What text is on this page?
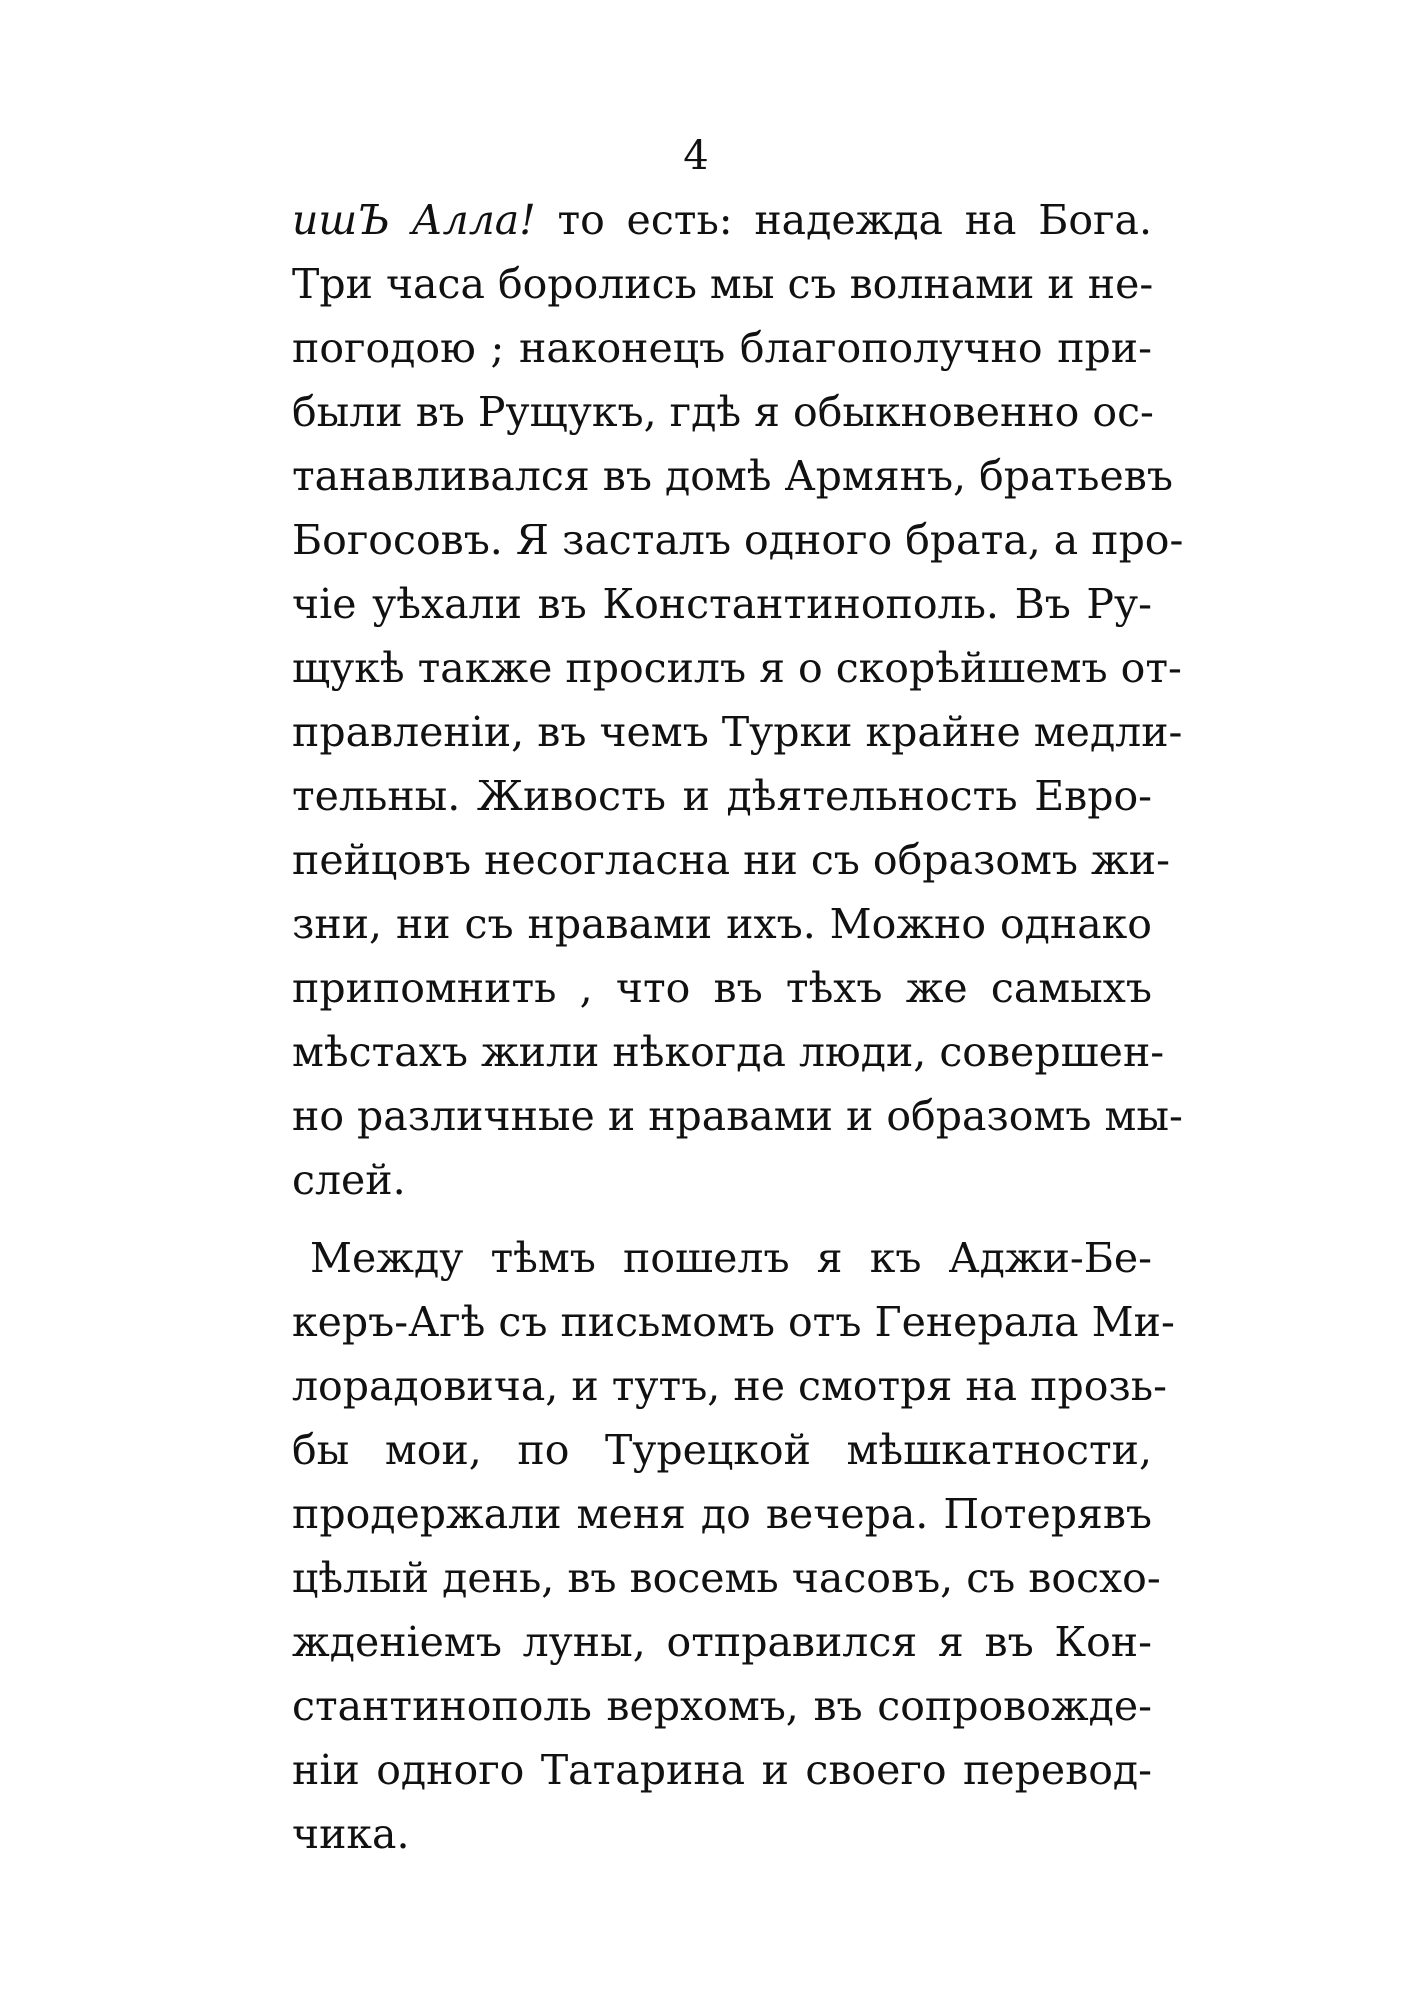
4
ишЪ Алла! то есть: надежда на Бога.
Три часа боролись мы съ волнами и не-
погодою ; наконецъ благополучно при-
были въ Рущукъ, гдѣ я обыкновенно ос-
танавливался въ домѣ Армянъ, братьевъ
Богосовъ. Я засталъ одного брата, а про-
чіе уѣхали въ Константинополь. Въ Ру-
щукѣ также просилъ я о скорѣйшемъ от-
правленіи, въ чемъ Турки крайне медли-
тельны. Живость и дѣятельность Евро-
пейцовъ несогласна ни съ образомъ жи-
зни, ни съ нравами ихъ. Можно однако
припомнить , что въ тѣхъ же самыхъ
мѣстахъ жили нѣкогда люди, совершен-
но различные и нравами и образомъ мы-
слей.
Между тѣмъ пошелъ я къ Аджи-Бе-
керъ-Агѣ съ письмомъ отъ Генерала Ми-
лорадовича, и тутъ, не смотря на прозь-
бы мои, по Турецкой мѣшкатности,
продержали меня до вечера. Потерявъ
цѣлый день, въ восемь часовъ, съ восхо-
жденіемъ луны, отправился я въ Кон-
стантинополь верхомъ, въ сопровожде-
ніи одного Татарина и своего перевод-
чика.
